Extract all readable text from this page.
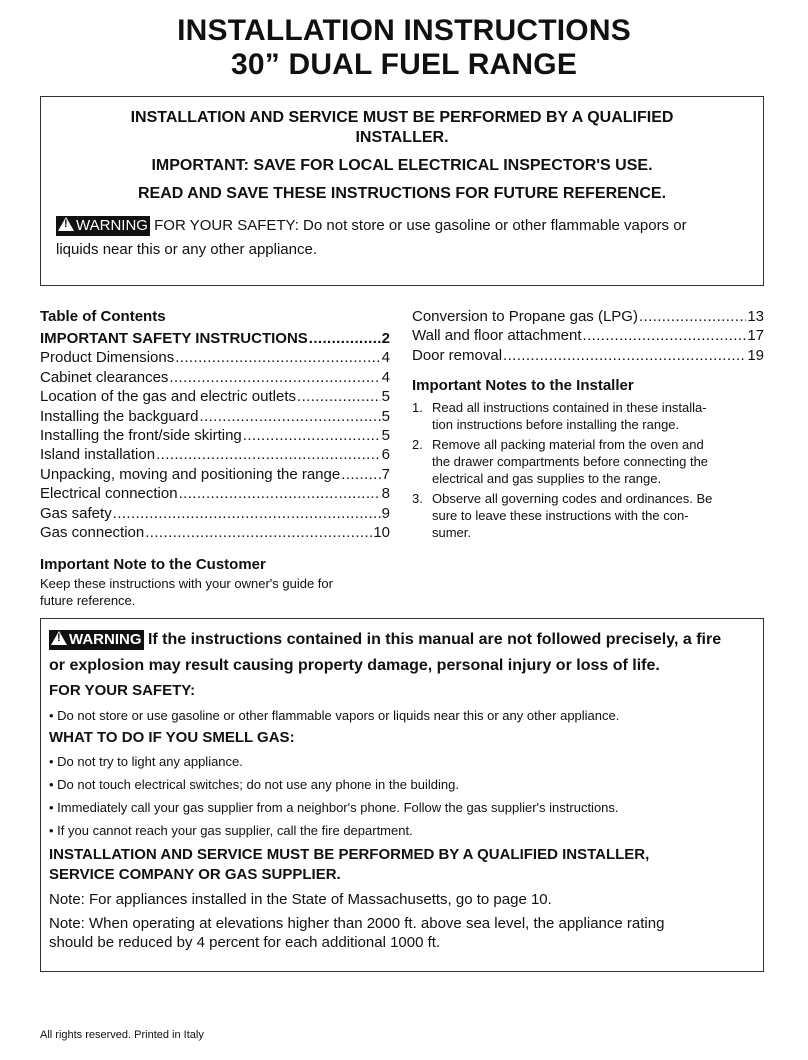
INSTALLATION INSTRUCTIONS
30” DUAL FUEL RANGE
INSTALLATION AND SERVICE MUST BE PERFORMED BY A QUALIFIED
INSTALLER.
IMPORTANT: SAVE FOR LOCAL ELECTRICAL INSPECTOR'S USE.
READ AND SAVE THESE INSTRUCTIONS FOR FUTURE REFERENCE.
!WARNING FOR YOUR SAFETY: Do not store or use gasoline or other flammable vapors or
liquids near this or any other appliance.
Table of Contents
IMPORTANT SAFETY INSTRUCTIONS .....	2
Product Dimensions .....	4
Cabinet clearances .....	4
Location of the gas and electric outlets .....	5
Installing the backguard .....	5
Installing the front/side skirting .....	5
Island installation .....	6
Unpacking, moving and positioning the range .....	7
Electrical connection .....	8
Gas safety .....	9
Gas connection .....	10
Conversion to Propane gas (LPG) .....	13
Wall and floor attachment .....	17
Door removal .....	19
Important Notes to the Installer
1. Read all instructions contained in these installa-
tion instructions before installing the range.
2. Remove all packing material from the oven and
the drawer compartments before connecting the
electrical and gas supplies to the range.
3. Observe all governing codes and ordinances. Be
sure to leave these instructions with the con-
sumer.
Important Note to the Customer
Keep these instructions with your owner's guide for
future reference.
!WARNING If the instructions contained in this manual are not followed precisely, a fire
or explosion may result causing property damage, personal injury or loss of life.
FOR YOUR SAFETY:
• Do not store or use gasoline or other flammable vapors or liquids near this or any other appliance.
WHAT TO DO IF YOU SMELL GAS:
• Do not try to light any appliance.
• Do not touch electrical switches; do not use any phone in the building.
• Immediately call your gas supplier from a neighbor's phone. Follow the gas supplier's instructions.
• If you cannot reach your gas supplier, call the fire department.
INSTALLATION AND SERVICE MUST BE PERFORMED BY A QUALIFIED INSTALLER,
SERVICE COMPANY OR GAS SUPPLIER.
Note: For appliances installed in the State of Massachusetts, go to page 10.
Note: When operating at elevations higher than 2000 ft. above sea level, the appliance rating
should be reduced by 4 percent for each additional 1000 ft.
All rights reserved. Printed in Italy
